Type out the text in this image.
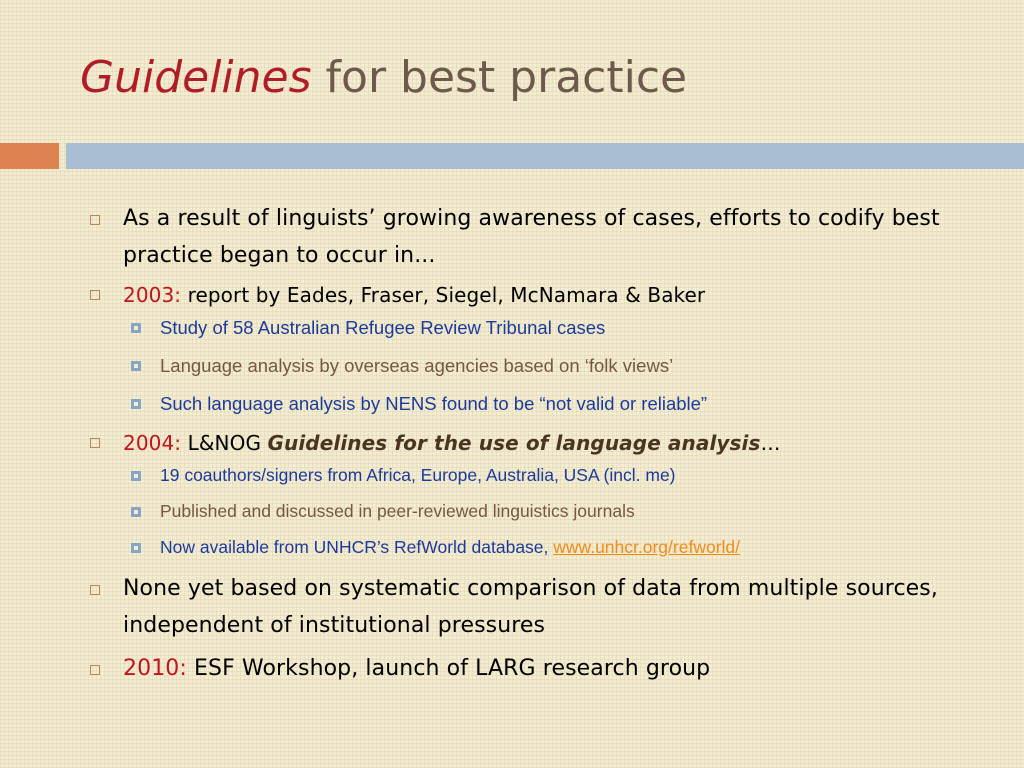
Guidelines for best practice
As a result of linguists’ growing awareness of cases, efforts to codify best practice began to occur in...
2003: report by Eades, Fraser, Siegel, McNamara & Baker
Study of 58 Australian Refugee Review Tribunal cases
Language analysis by overseas agencies based on ‘folk views’
Such language analysis by NENS found to be “not valid or reliable”
2004: L&NOG Guidelines for the use of language analysis…
19 coauthors/signers from Africa, Europe, Australia, USA (incl. me)
Published and discussed in peer-reviewed linguistics journals
Now available from UNHCR’s RefWorld database, www.unhcr.org/refworld/
None yet based on systematic comparison of data from multiple sources, independent of institutional pressures
2010: ESF Workshop, launch of LARG research group
